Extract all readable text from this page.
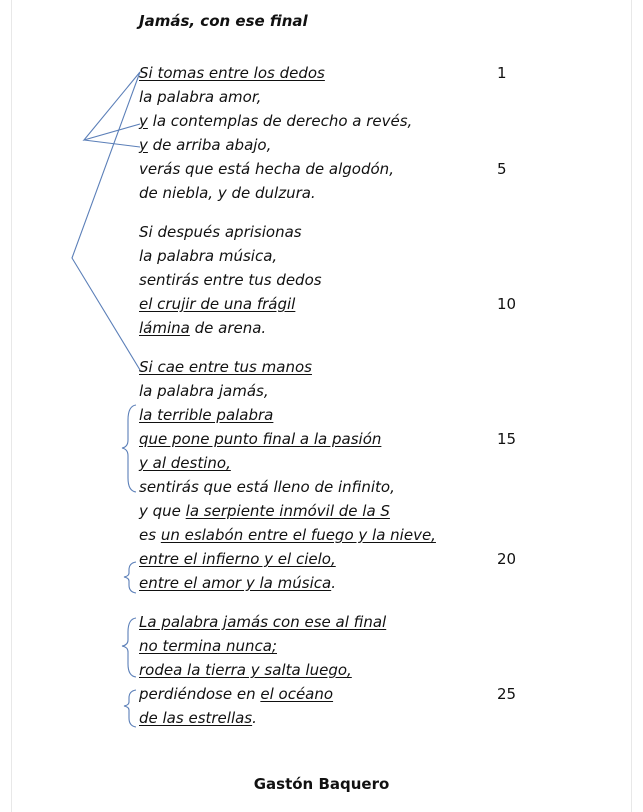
Jamás, con ese final
Si tomas entre los dedos
la palabra amor,
y la contemplas de derecho a revés,
y de arriba abajo,
verás que está hecha de algodón,
de niebla, y de dulzura.
Si después aprisionas
la palabra música,
sentirás entre tus dedos
el crujir de una frágil
lámina de arena.
Si cae entre tus manos
la palabra jamás,
la terrible palabra
que pone punto final a la pasión
y al destino,
sentirás que está lleno de infinito,
y que la serpiente inmóvil de la S
es un eslabón entre el fuego y la nieve,
entre el infierno y el cielo,
entre el amor y la música.
La palabra jamás con ese al final
no termina nunca;
rodea la tierra y salta luego,
perdiéndose en el océano
de las estrellas.
1
5
10
15
20
25
Gastón Baquero
